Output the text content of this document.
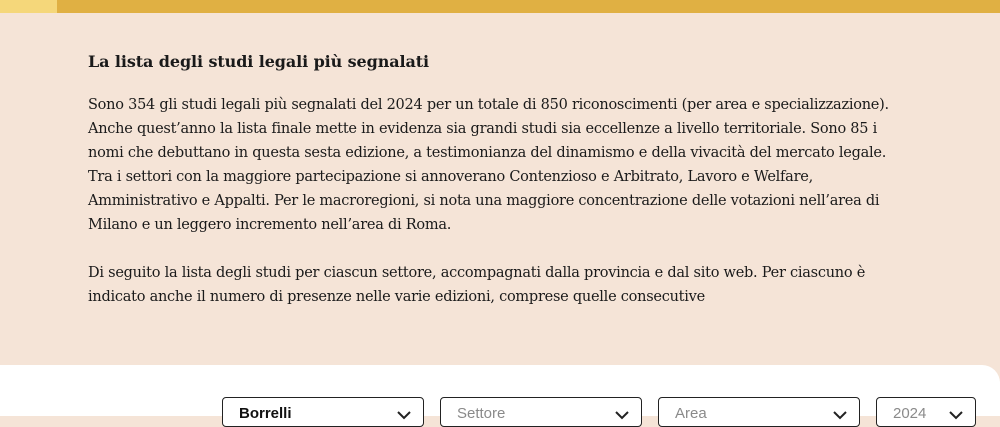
La lista degli studi legali più segnalati

Sono 354 gli studi legali più segnalati del 2024 per un totale di 850 riconoscimenti (per area e specializzazione). Anche quest’anno la lista finale mette in evidenza sia grandi studi sia eccellenze a livello territoriale. Sono 85 i nomi che debuttano in questa sesta edizione, a testimonianza del dinamismo e della vivacità del mercato legale. Tra i settori con la maggiore partecipazione si annoverano Contenzioso e Arbitrato, Lavoro e Welfare, Amministrativo e Appalti. Per le macroregioni, si nota una maggiore concentrazione delle votazioni nell’area di Milano e un leggero incremento nell’area di Roma.

Di seguito la lista degli studi per ciascun settore, accompagnati dalla provincia e dal sito web. Per ciascuno è indicato anche il numero di presenze nelle varie edizioni, comprese quelle consecutive

Borrelli	Settore	Area	2024
